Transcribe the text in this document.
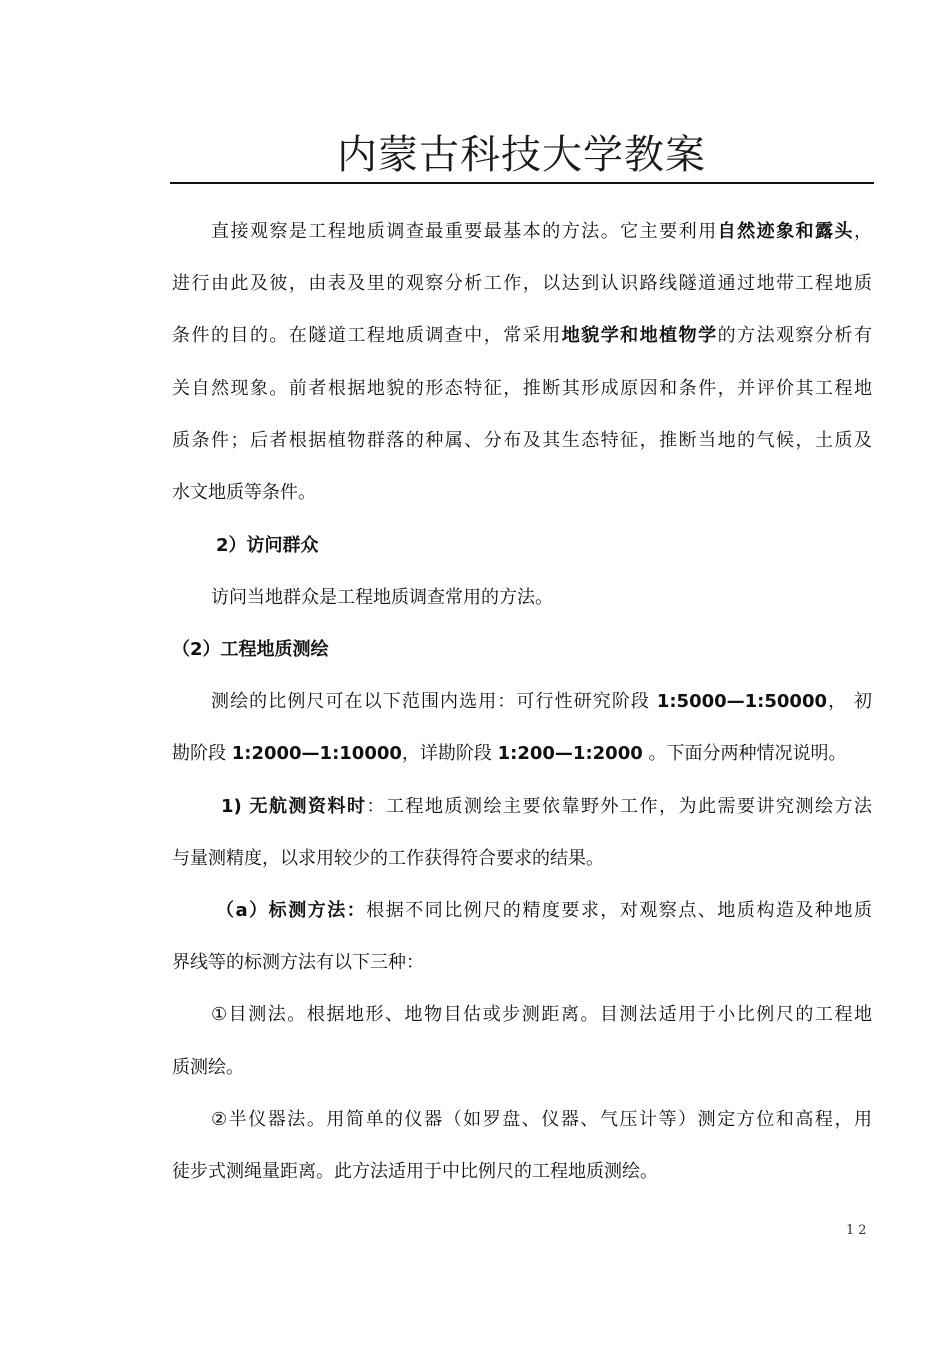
内蒙古科技大学教案
直接观察是工程地质调查最重要最基本的方法。它主要利用自然迹象和露头，
进行由此及彼，由表及里的观察分析工作，以达到认识路线隧道通过地带工程地质
条件的目的。在隧道工程地质调查中，常采用地貌学和地植物学的方法观察分析有
关自然现象。前者根据地貌的形态特征，推断其形成原因和条件，并评价其工程地
质条件；后者根据植物群落的种属、分布及其生态特征，推断当地的气候，土质及
水文地质等条件。
2）访问群众
访问当地群众是工程地质调查常用的方法。
（2）工程地质测绘
测绘的比例尺可在以下范围内选用：可行性研究阶段 1:5000—1:50000， 初
勘阶段 1:2000—1:10000，详勘阶段 1:200—1:2000 。下面分两种情况说明。
1) 无航测资料时：工程地质测绘主要依靠野外工作，为此需要讲究测绘方法
与量测精度，以求用较少的工作获得符合要求的结果。
（a）标测方法：根据不同比例尺的精度要求，对观察点、地质构造及种地质
界线等的标测方法有以下三种：
①目测法。根据地形、地物目估或步测距离。目测法适用于小比例尺的工程地
质测绘。
②半仪器法。用简单的仪器（如罗盘、仪器、气压计等）测定方位和高程，用
徒步式测绳量距离。此方法适用于中比例尺的工程地质测绘。
12
